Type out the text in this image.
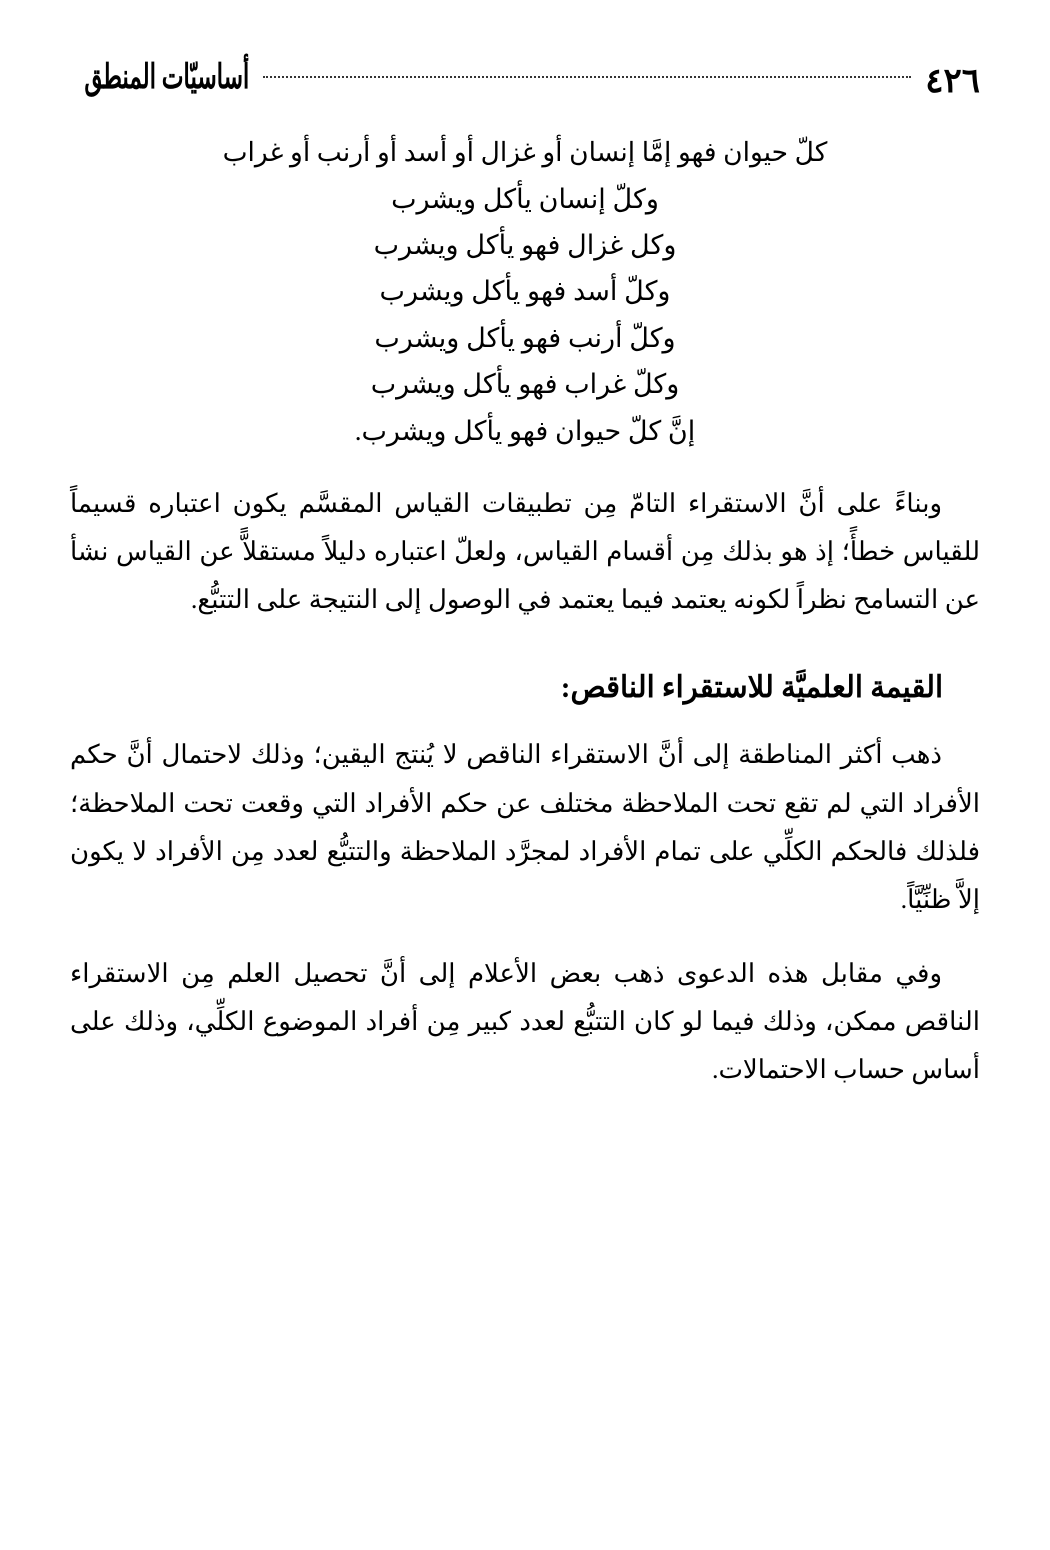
٤٢٦
أساسيّات المنطق

كلّ حيوان فهو إمَّا إنسان أو غزال أو أسد أو أرنب أو غراب

وكلّ إنسان يأكل ويشرب

وكل غزال فهو يأكل ويشرب

وكلّ أسد فهو يأكل ويشرب

وكلّ أرنب فهو يأكل ويشرب

وكلّ غراب فهو يأكل ويشرب

إنَّ كلّ حيوان فهو يأكل ويشرب.

وبناءً على أنَّ الاستقراء التامّ مِن تطبيقات القياس المقسَّم يكون اعتباره قسيماً للقياس خطأً؛ إذ هو بذلك مِن أقسام القياس، ولعلّ اعتباره دليلاً مستقلاًّ عن القياس نشأ عن التسامح نظراً لكونه يعتمد فيما يعتمد في الوصول إلى النتيجة على التتبُّع.

القيمة العلميَّة للاستقراء الناقص:

ذهب أكثر المناطقة إلى أنَّ الاستقراء الناقص لا يُنتج اليقين؛ وذلك لاحتمال أنَّ حكم الأفراد التي لم تقع تحت الملاحظة مختلف عن حكم الأفراد التي وقعت تحت الملاحظة؛ فلذلك فالحكم الكلِّي على تمام الأفراد لمجرَّد الملاحظة والتتبُّع لعدد مِن الأفراد لا يكون إلاَّ ظنِّيَّاً.

وفي مقابل هذه الدعوى ذهب بعض الأعلام إلى أنَّ تحصيل العلم مِن الاستقراء الناقص ممكن، وذلك فيما لو كان التتبُّع لعدد كبير مِن أفراد الموضوع الكلِّي، وذلك على أساس حساب الاحتمالات.
